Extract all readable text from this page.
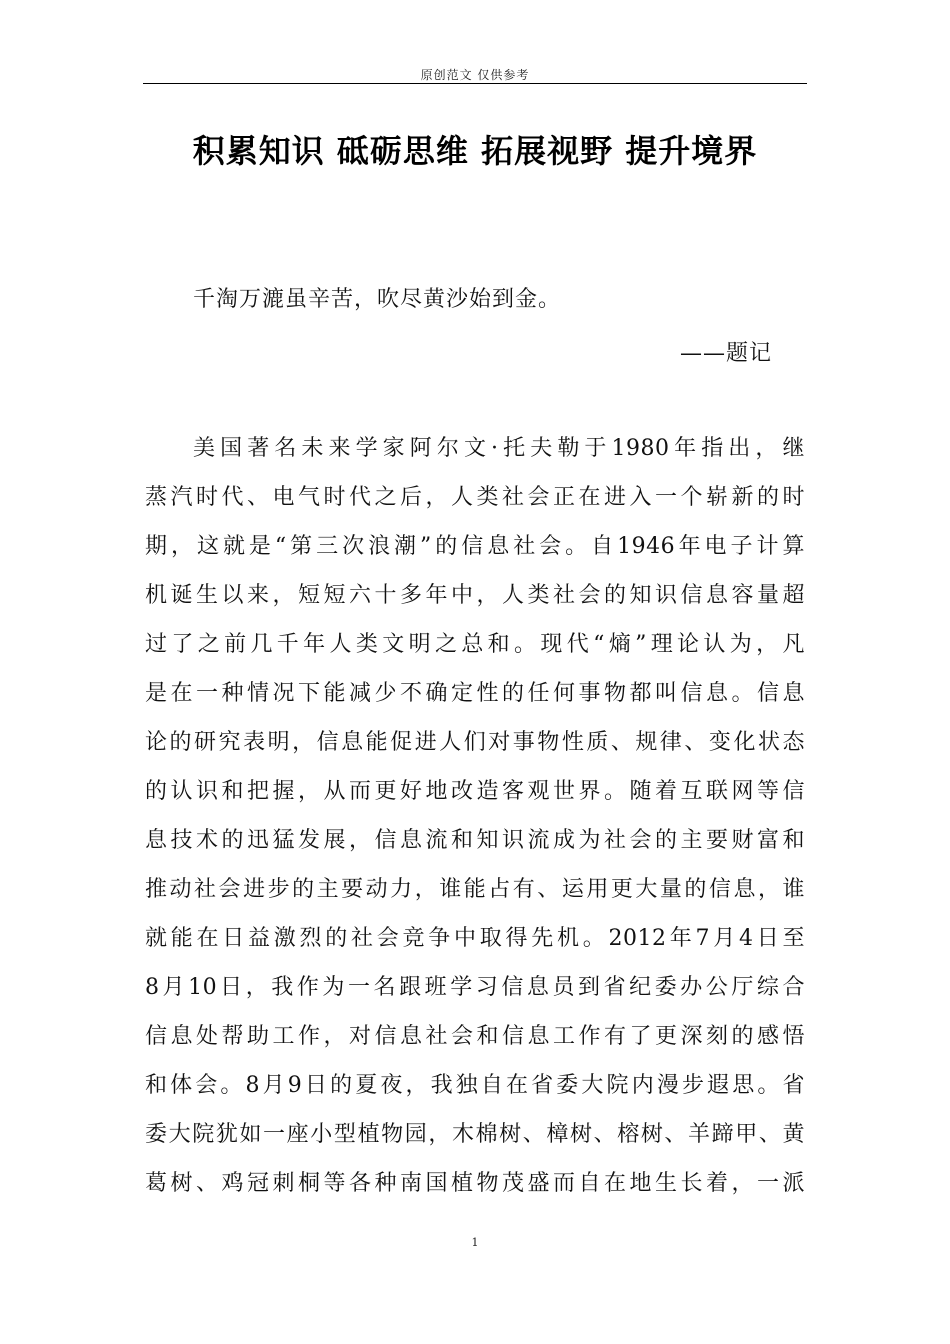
原创范文 仅供参考
积累知识 砥砺思维 拓展视野 提升境界
千淘万漉虽辛苦，吹尽黄沙始到金。
——题记
美国著名未来学家阿尔文·托夫勒于1980年指出，继
蒸汽时代、电气时代之后，人类社会正在进入一个崭新的时
期，这就是“第三次浪潮”的信息社会。自1946年电子计算
机诞生以来，短短六十多年中，人类社会的知识信息容量超
过了之前几千年人类文明之总和。现代“熵”理论认为，凡
是在一种情况下能减少不确定性的任何事物都叫信息。信息
论的研究表明，信息能促进人们对事物性质、规律、变化状态
的认识和把握，从而更好地改造客观世界。随着互联网等信
息技术的迅猛发展，信息流和知识流成为社会的主要财富和
推动社会进步的主要动力，谁能占有、运用更大量的信息，谁
就能在日益激烈的社会竞争中取得先机。2012年7月4日至
8月10日，我作为一名跟班学习信息员到省纪委办公厅综合
信息处帮助工作，对信息社会和信息工作有了更深刻的感悟
和体会。8月9日的夏夜，我独自在省委大院内漫步遐思。省
委大院犹如一座小型植物园，木棉树、樟树、榕树、羊蹄甲、黄
葛树、鸡冠刺桐等各种南国植物茂盛而自在地生长着，一派
1
